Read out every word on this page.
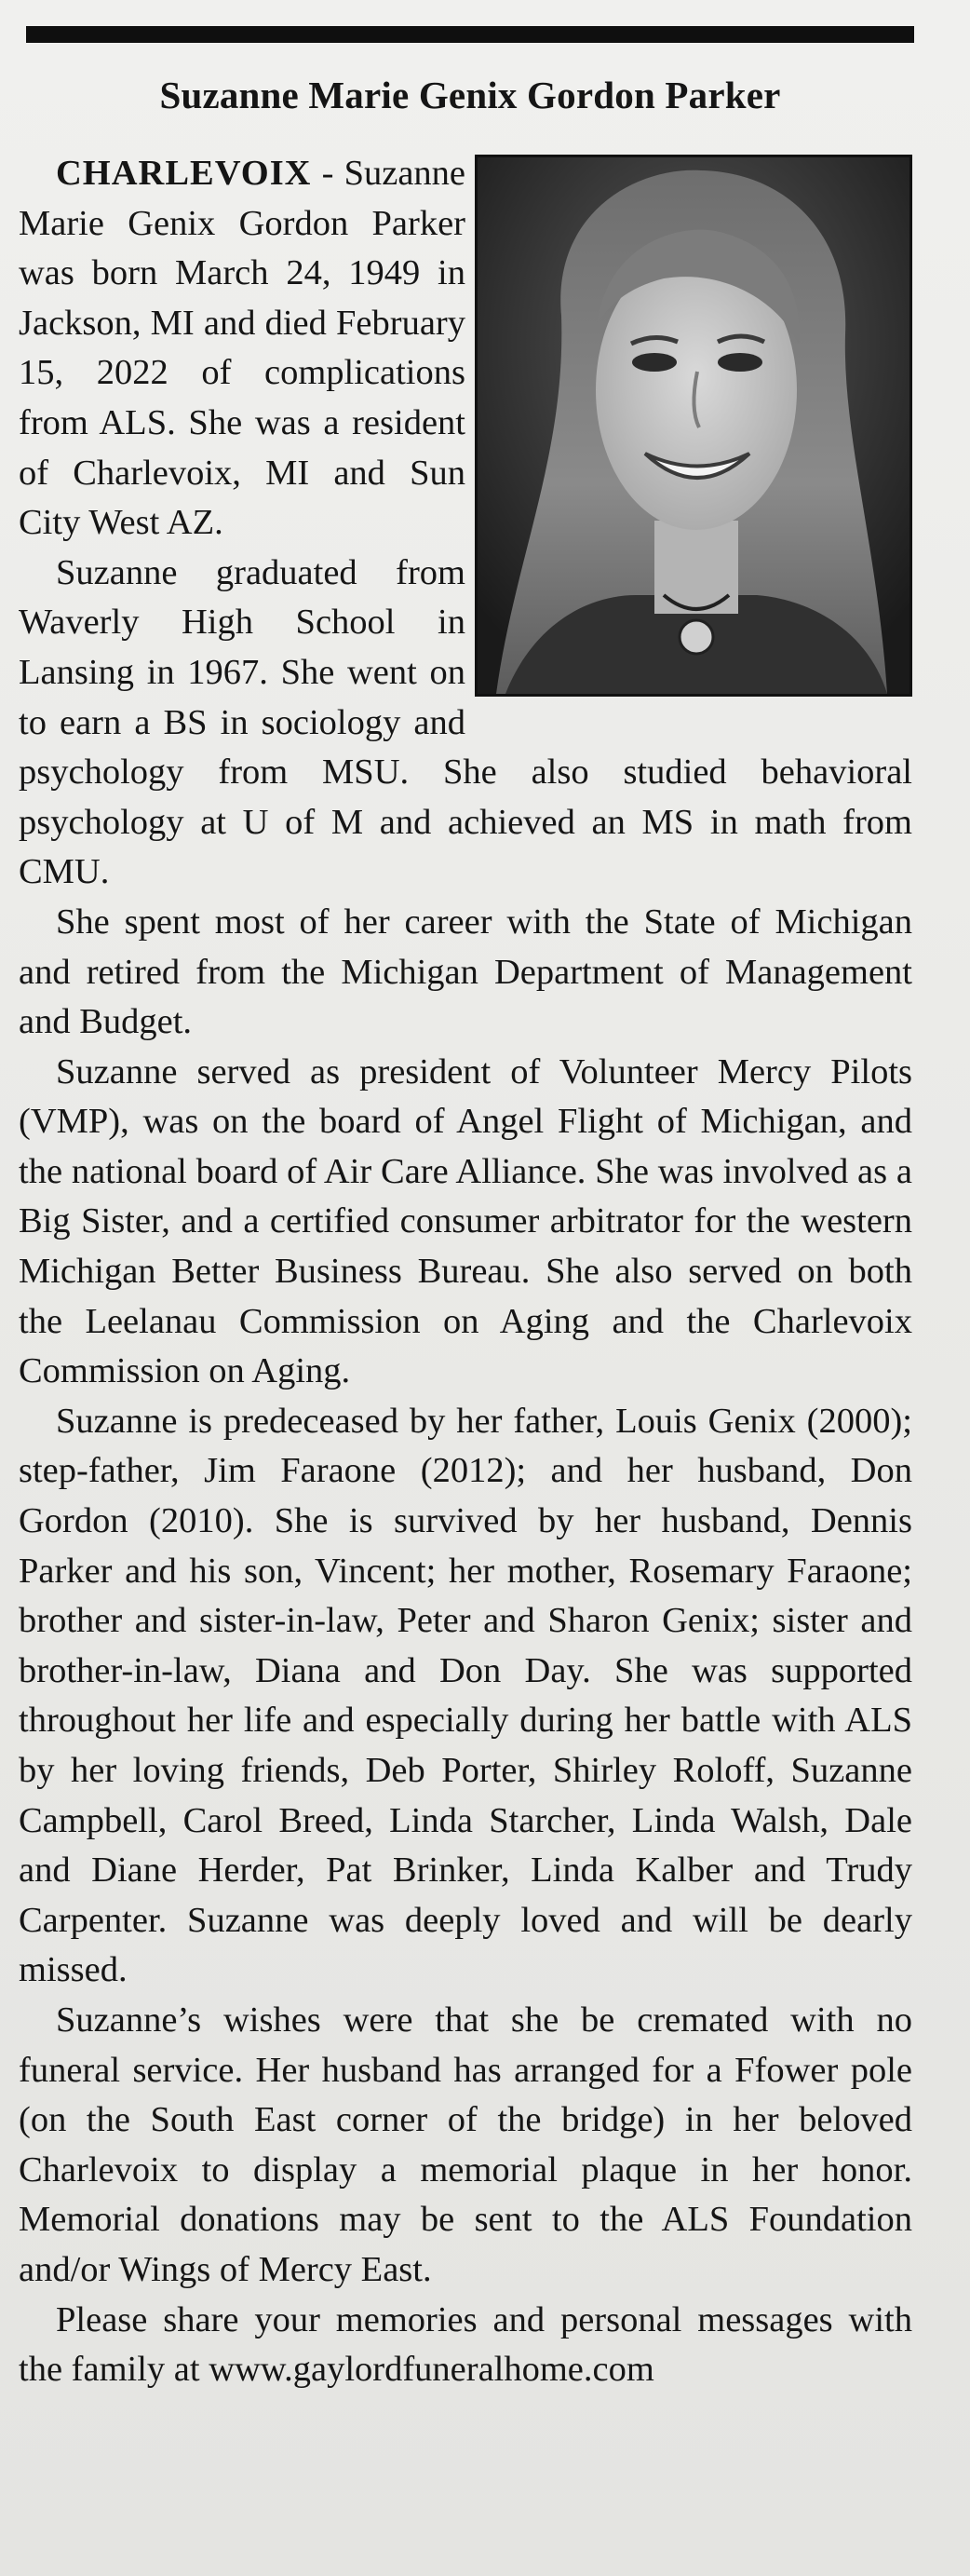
Suzanne Marie Genix Gordon Parker

CHARLEVOIX - Suzanne Marie Genix Gordon Parker was born March 24, 1949 in Jackson, MI and died February 15, 2022 of complications from ALS. She was a resident of Charlevoix, MI and Sun City West AZ.

Suzanne graduated from Waverly High School in Lansing in 1967. She went on to earn a BS in sociology and psychology from MSU. She also studied behavioral psychology at U of M and achieved an MS in math from CMU.

She spent most of her career with the State of Michigan and retired from the Michigan Department of Management and Budget.

Suzanne served as president of Volunteer Mercy Pilots (VMP), was on the board of Angel Flight of Michigan, and the national board of Air Care Alliance. She was involved as a Big Sister, and a certified consumer arbitrator for the western Michigan Better Business Bureau. She also served on both the Leelanau Commission on Aging and the Charlevoix Commission on Aging.

Suzanne is predeceased by her father, Louis Genix (2000); step-father, Jim Faraone (2012); and her husband, Don Gordon (2010). She is survived by her husband, Dennis Parker and his son, Vincent; her mother, Rosemary Faraone; brother and sister-in-law, Peter and Sharon Genix; sister and brother-in-law, Diana and Don Day. She was supported throughout her life and especially during her battle with ALS by her loving friends, Deb Porter, Shirley Roloff, Suzanne Campbell, Carol Breed, Linda Starcher, Linda Walsh, Dale and Diane Herder, Pat Brinker, Linda Kalber and Trudy Carpenter. Suzanne was deeply loved and will be dearly missed.

Suzanne’s wishes were that she be cremated with no funeral service. Her husband has arranged for a Ffower pole (on the South East corner of the bridge) in her beloved Charlevoix to display a memorial plaque in her honor. Memorial donations may be sent to the ALS Foundation and/or Wings of Mercy East.

Please share your memories and personal messages with the family at www.gaylordfuneralhome.com
